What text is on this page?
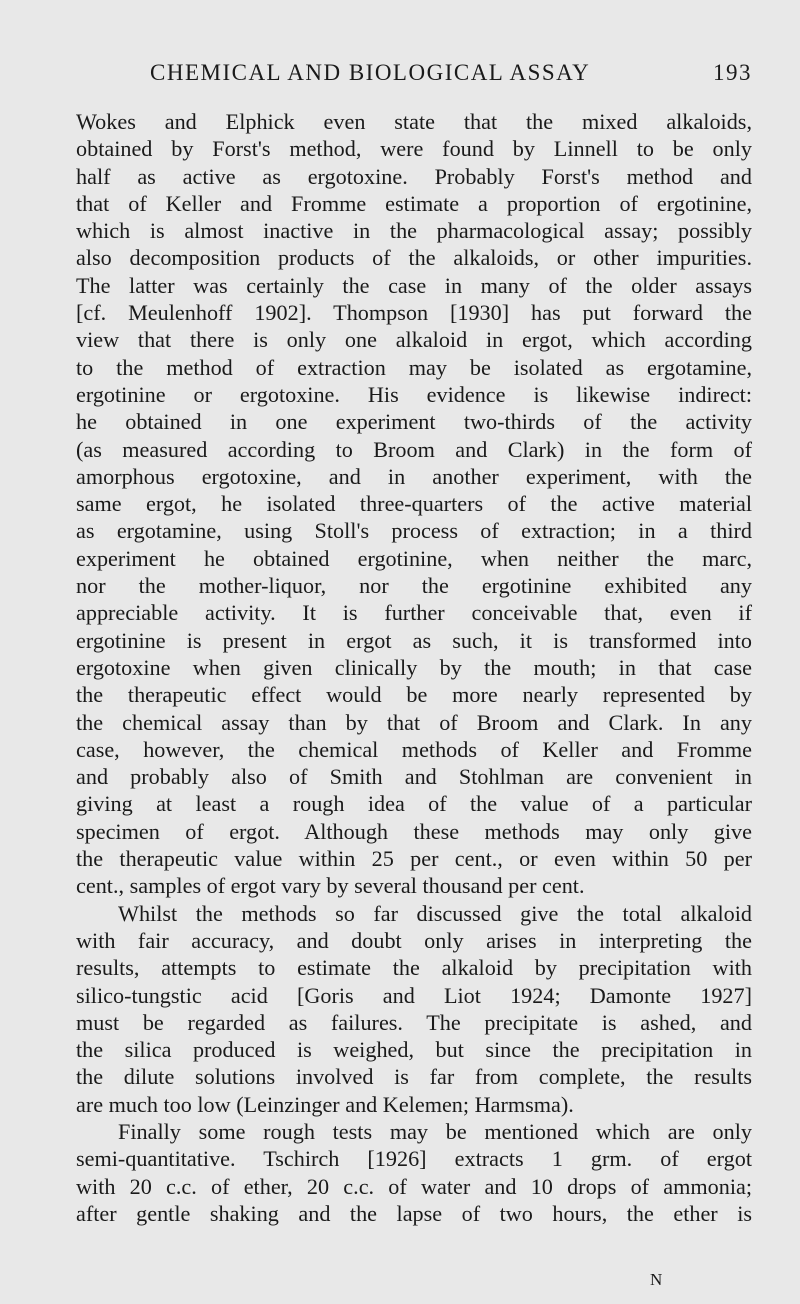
CHEMICAL AND BIOLOGICAL ASSAY	193

Wokes and Elphick even state that the mixed alkaloids,

obtained by Forst's method, were found by Linnell to be only

half as active as ergotoxine. Probably Forst's method and

that of Keller and Fromme estimate a proportion of ergotinine,

which is almost inactive in the pharmacological assay; possibly

also decomposition products of the alkaloids, or other impurities.

The latter was certainly the case in many of the older assays

[cf. Meulenhoff 1902]. Thompson [1930] has put forward the

view that there is only one alkaloid in ergot, which according

to the method of extraction may be isolated as ergotamine,

ergotinine or ergotoxine. His evidence is likewise indirect:

he obtained in one experiment two-thirds of the activity

(as measured according to Broom and Clark) in the form of

amorphous ergotoxine, and in another experiment, with the

same ergot, he isolated three-quarters of the active material

as ergotamine, using Stoll's process of extraction; in a third

experiment he obtained ergotinine, when neither the marc,

nor the mother-liquor, nor the ergotinine exhibited any

appreciable activity. It is further conceivable that, even if

ergotinine is present in ergot as such, it is transformed into

ergotoxine when given clinically by the mouth; in that case

the therapeutic effect would be more nearly represented by

the chemical assay than by that of Broom and Clark. In any

case, however, the chemical methods of Keller and Fromme

and probably also of Smith and Stohlman are convenient in

giving at least a rough idea of the value of a particular

specimen of ergot. Although these methods may only give

the therapeutic value within 25 per cent., or even within 50 per

cent., samples of ergot vary by several thousand per cent.

Whilst the methods so far discussed give the total alkaloid

with fair accuracy, and doubt only arises in interpreting the

results, attempts to estimate the alkaloid by precipitation with

silico-tungstic acid [Goris and Liot 1924; Damonte 1927]

must be regarded as failures. The precipitate is ashed, and

the silica produced is weighed, but since the precipitation in

the dilute solutions involved is far from complete, the results

are much too low (Leinzinger and Kelemen; Harmsma).

Finally some rough tests may be mentioned which are only

semi-quantitative. Tschirch [1926] extracts 1 grm. of ergot

with 20 c.c. of ether, 20 c.c. of water and 10 drops of ammonia;

after gentle shaking and the lapse of two hours, the ether is

N
